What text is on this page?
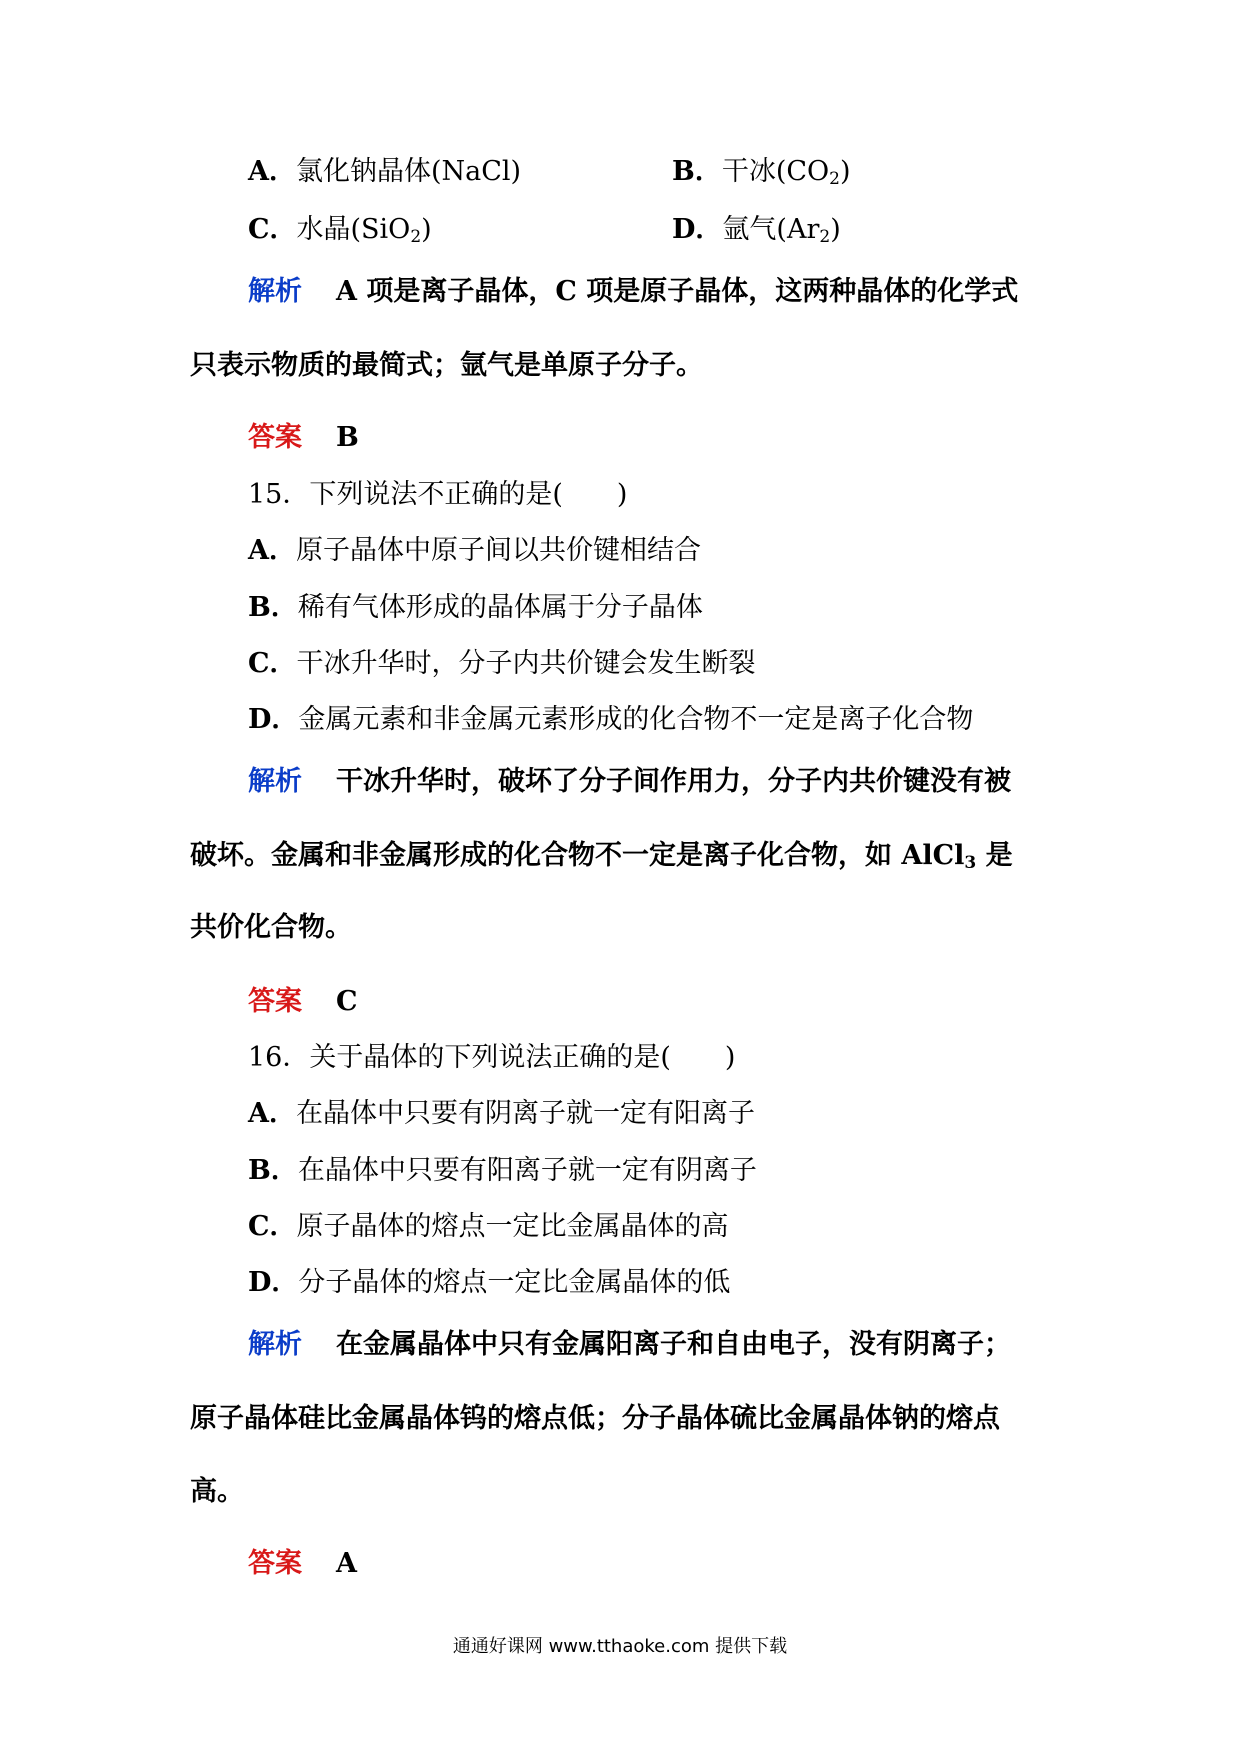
A．氯化钠晶体(NaCl)	B．干冰$(CO_2)$
C．水晶(SiO$_2$)	D．氩气$(Ar_2)$
解析 A 项是离子晶体，C 项是原子晶体，这两种晶体的化学式
只表示物质的最简式；氩气是单原子分子。
答案 B
15．下列说法不正确的是(　　)
A．原子晶体中原子间以共价键相结合
B．稀有气体形成的晶体属于分子晶体
C．干冰升华时，分子内共价键会发生断裂
D．金属元素和非金属元素形成的化合物不一定是离子化合物
解析 干冰升华时，破坏了分子间作用力，分子内共价键没有被
破坏。金属和非金属形成的化合物不一定是离子化合物，如 AlCl$_3$ 是
共价化合物。
答案 C
16．关于晶体的下列说法正确的是(　　)
A．在晶体中只要有阴离子就一定有阳离子
B．在晶体中只要有阳离子就一定有阴离子
C．原子晶体的熔点一定比金属晶体的高
D．分子晶体的熔点一定比金属晶体的低
解析 在金属晶体中只有金属阳离子和自由电子，没有阴离子；
原子晶体硅比金属晶体钨的熔点低；分子晶体硫比金属晶体钠的熔点
高。
答案 A
通通好课网 www.tthaoke.com 提供下载
